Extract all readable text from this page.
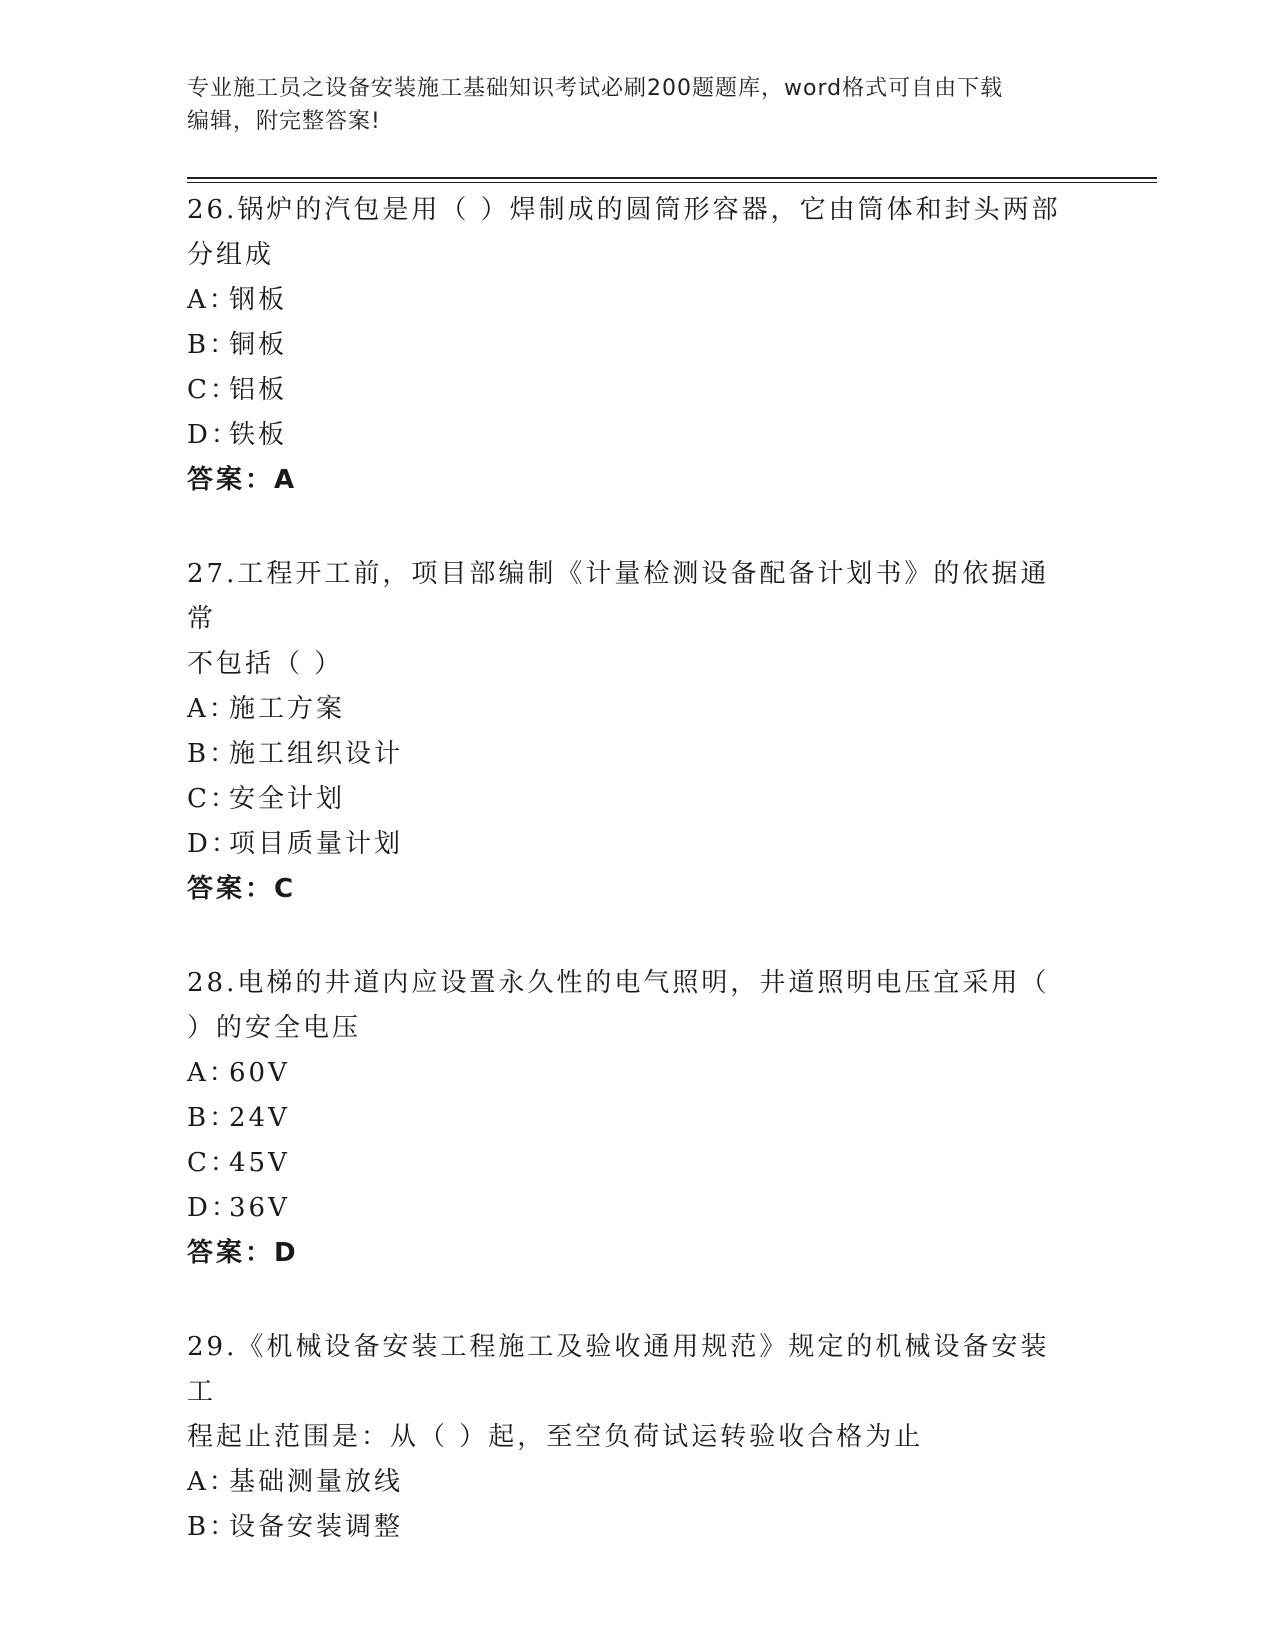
专业施工员之设备安装施工基础知识考试必刷200题题库，word格式可自由下载
编辑，附完整答案!
26.锅炉的汽包是用（ ）焊制成的圆筒形容器，它由筒体和封头两部
分组成
A：钢板
B：铜板
C：铝板
D：铁板
答案：A
27.工程开工前，项目部编制《计量检测设备配备计划书》的依据通常
不包括（ ）
A：施工方案
B：施工组织设计
C：安全计划
D：项目质量计划
答案：C
28.电梯的井道内应设置永久性的电气照明，井道照明电压宜采用（
）的安全电压
A：60V
B：24V
C：45V
D：36V
答案：D
29.《机械设备安装工程施工及验收通用规范》规定的机械设备安装工
程起止范围是：从（ ）起，至空负荷试运转验收合格为止
A：基础测量放线
B：设备安装调整
